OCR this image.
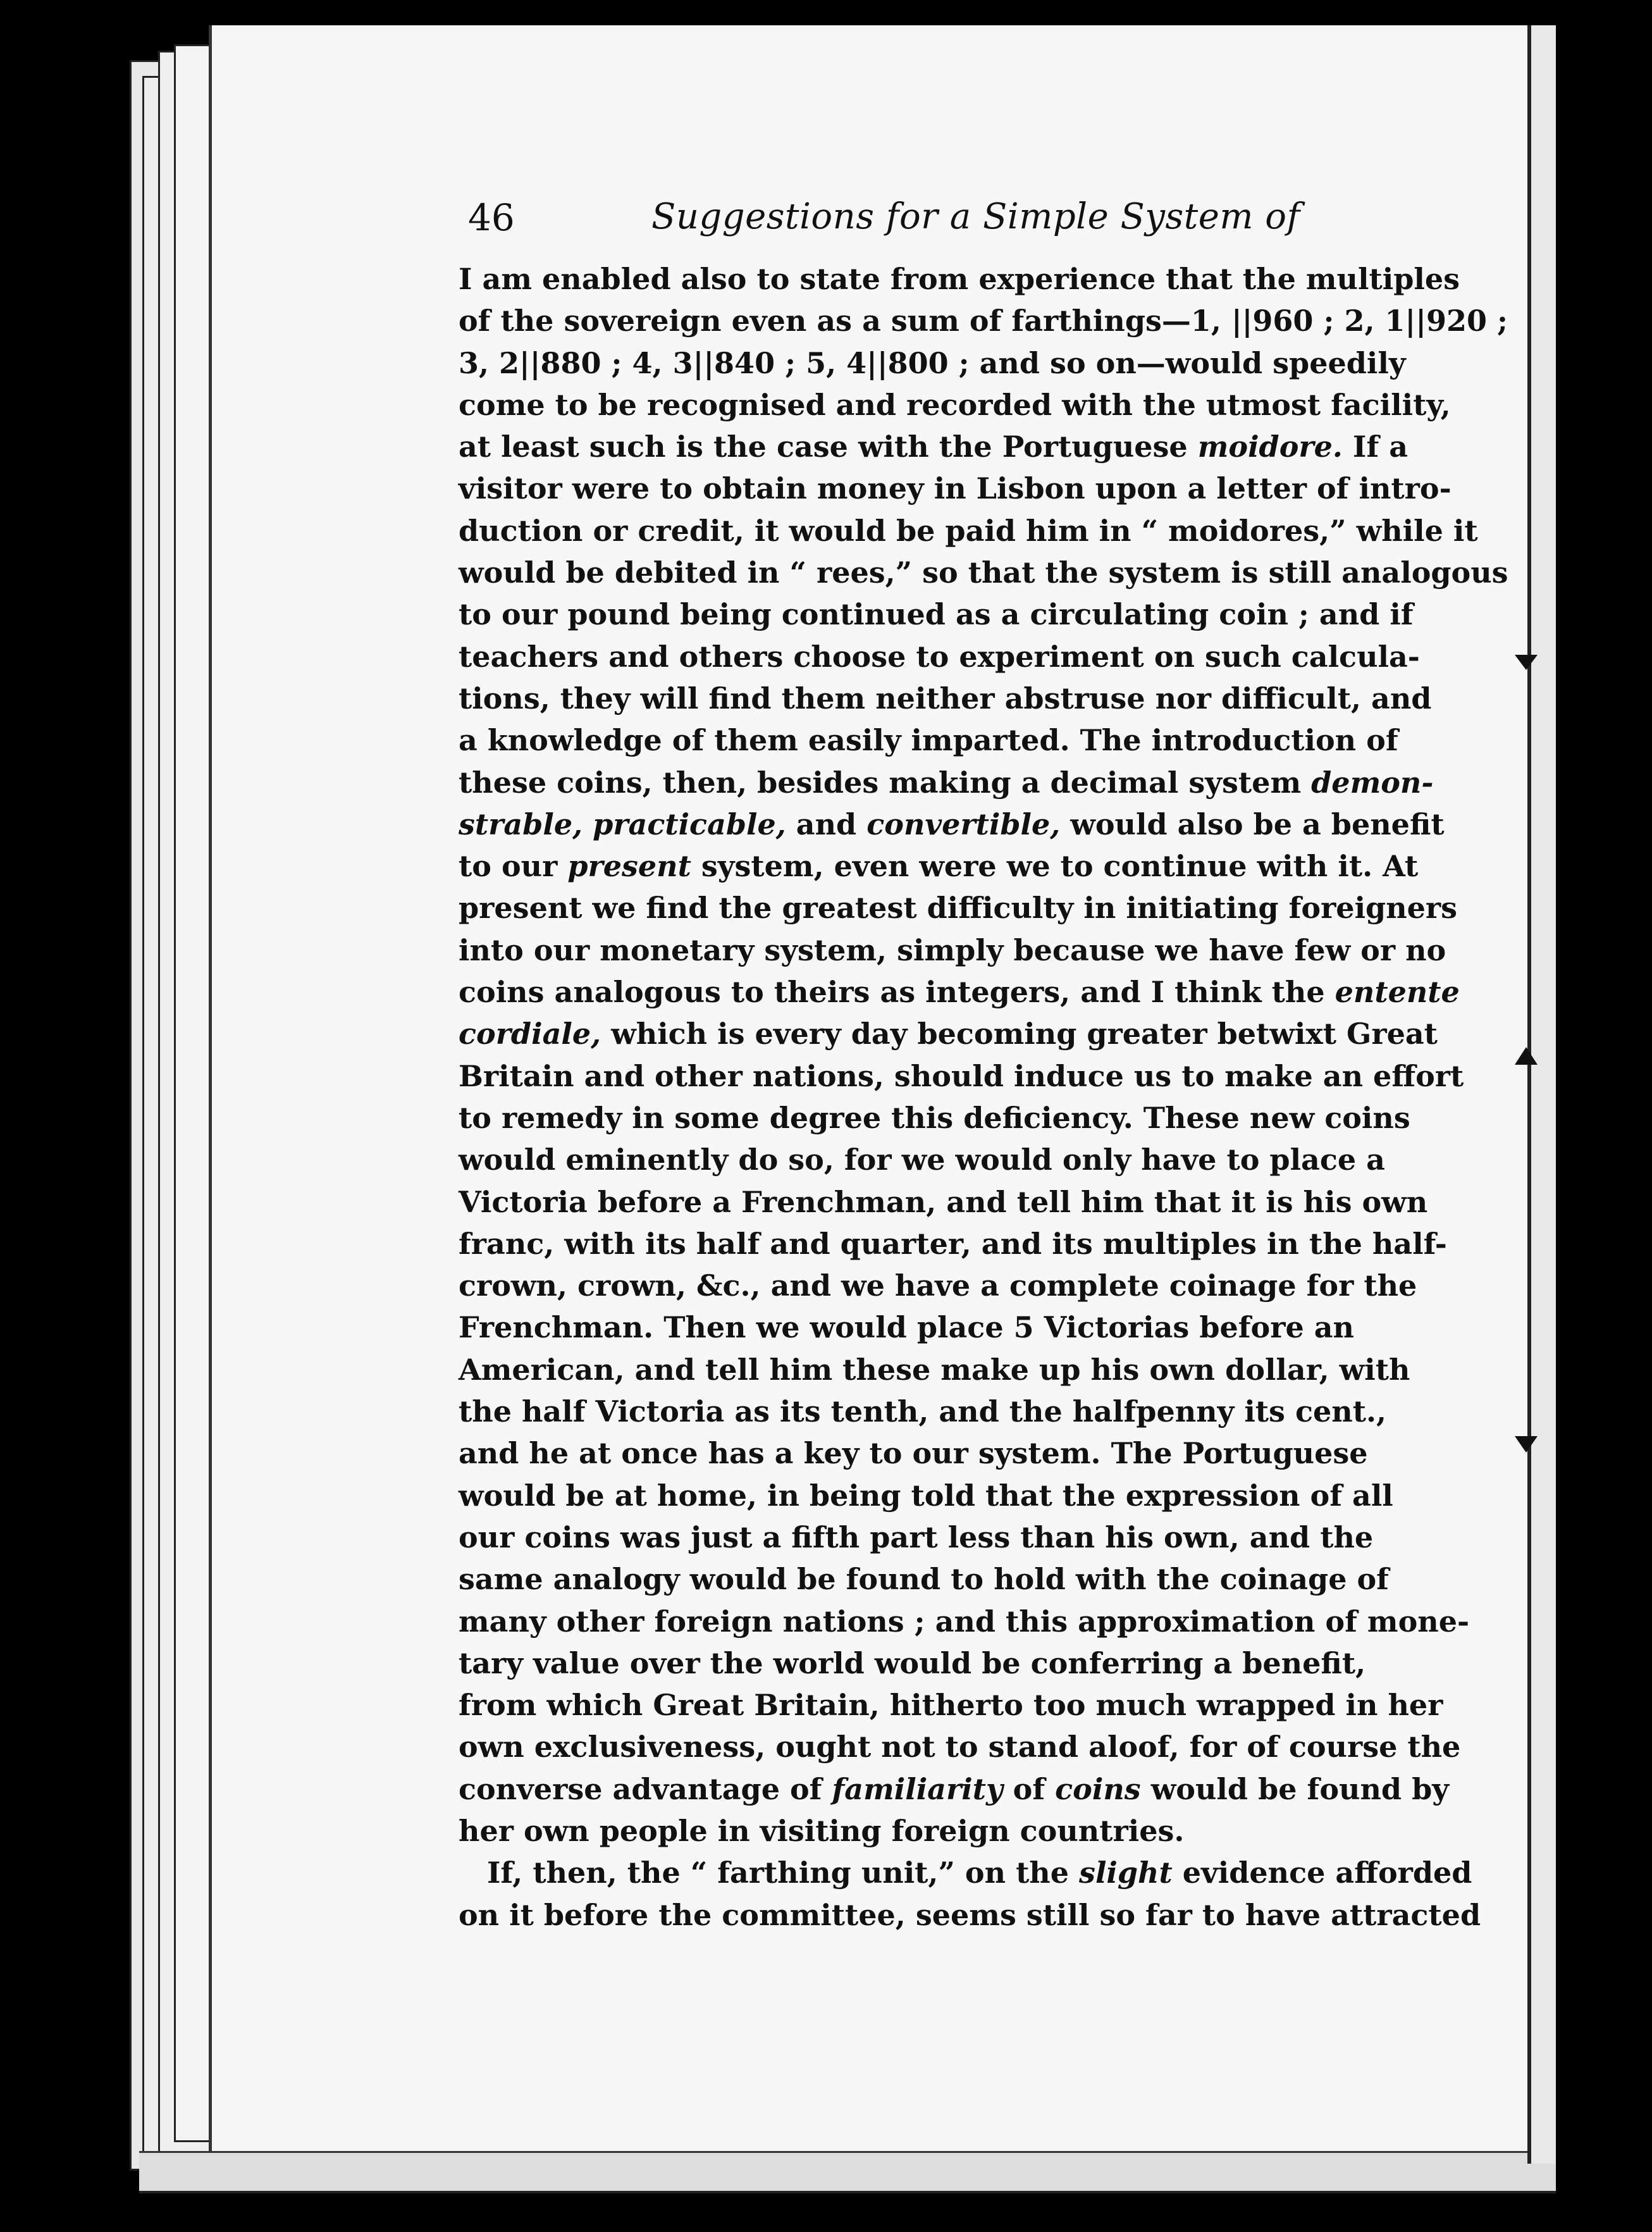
46	Suggestions for a Simple System of
I am enabled also to state from experience that the multiples
of the sovereign even as a sum of farthings—1, ||960 ; 2, 1||920 ;
3, 2||880 ; 4, 3||840 ; 5, 4||800 ; and so on—would speedily
come to be recognised and recorded with the utmost facility,
at least such is the case with the Portuguese moidore. If a
visitor were to obtain money in Lisbon upon a letter of intro-
duction or credit, it would be paid him in “ moidores,” while it
would be debited in “ rees,” so that the system is still analogous
to our pound being continued as a circulating coin ; and if
teachers and others choose to experiment on such calcula-
tions, they will find them neither abstruse nor difficult, and
a knowledge of them easily imparted. The introduction of
these coins, then, besides making a decimal system demon-
strable, practicable, and convertible, would also be a benefit
to our present system, even were we to continue with it. At
present we find the greatest difficulty in initiating foreigners
into our monetary system, simply because we have few or no
coins analogous to theirs as integers, and I think the entente
cordiale, which is every day becoming greater betwixt Great
Britain and other nations, should induce us to make an effort
to remedy in some degree this deficiency. These new coins
would eminently do so, for we would only have to place a
Victoria before a Frenchman, and tell him that it is his own
franc, with its half and quarter, and its multiples in the half-
crown, crown, &c., and we have a complete coinage for the
Frenchman. Then we would place 5 Victorias before an
American, and tell him these make up his own dollar, with
the half Victoria as its tenth, and the halfpenny its cent.,
and he at once has a key to our system. The Portuguese
would be at home, in being told that the expression of all
our coins was just a fifth part less than his own, and the
same analogy would be found to hold with the coinage of
many other foreign nations ; and this approximation of mone-
tary value over the world would be conferring a benefit,
from which Great Britain, hitherto too much wrapped in her
own exclusiveness, ought not to stand aloof, for of course the
converse advantage of familiarity of coins would be found by
her own people in visiting foreign countries.
If, then, the “ farthing unit,” on the slight evidence afforded
on it before the committee, seems still so far to have attracted
